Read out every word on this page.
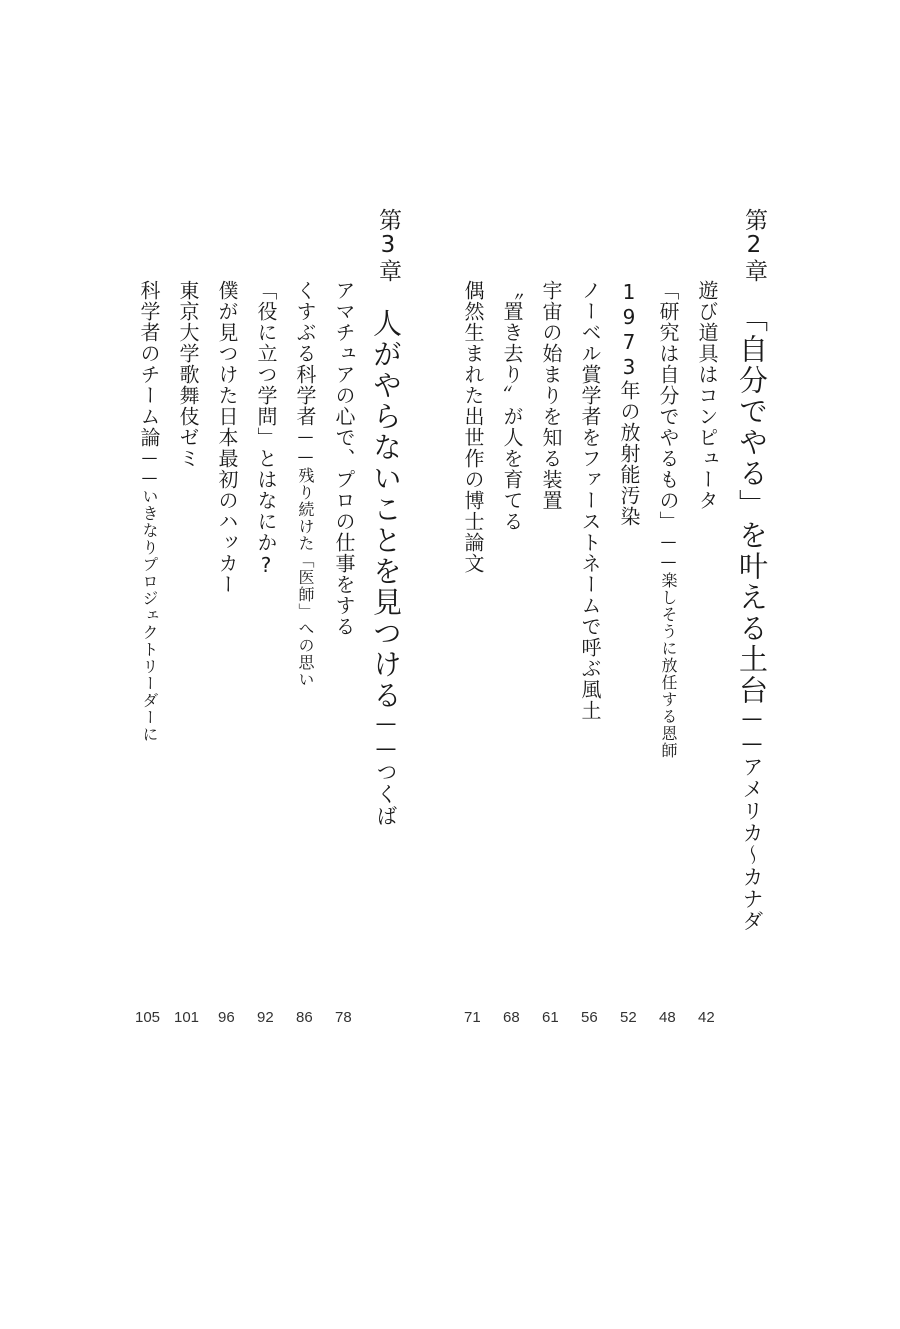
第2章
「自分でやる」を叶える土台——アメリカ〜カナダ
遊び道具はコンピュータ
「研究は自分でやるもの」——楽しそうに放任する恩師
1973年の放射能汚染
ノーベル賞学者をファーストネームで呼ぶ風土
宇宙の始まりを知る装置
〝置き去り〟が人を育てる
偶然生まれた出世作の博士論文
第3章
人がやらないことを見つける——つくば
アマチュアの心で、プロの仕事をする
くすぶる科学者——残り続けた「医師」への思い
「役に立つ学問」とはなにか?
僕が見つけた日本最初のハッカー
東京大学歌舞伎ゼミ
科学者のチーム論——いきなりプロジェクトリーダーに
42
48
52
56
61
68
71
78
86
92
96
101
105
